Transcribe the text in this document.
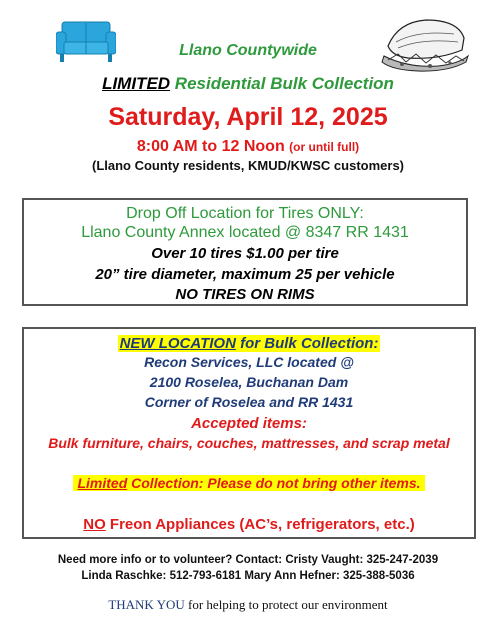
Llano Countywide
LIMITED Residential Bulk Collection
Saturday, April 12, 2025
8:00 AM to 12 Noon (or until full)
(Llano County residents, KMUD/KWSC customers)
Drop Off Location for Tires ONLY:
Llano County Annex located @ 8347 RR 1431
Over 10 tires $1.00 per tire
20” tire diameter, maximum 25 per vehicle
NO TIRES ON RIMS
NEW LOCATION for Bulk Collection:
Recon Services, LLC located @
2100 Roselea, Buchanan Dam
Corner of Roselea and RR 1431
Accepted items:
Bulk furniture, chairs, couches, mattresses, and scrap metal
Limited Collection: Please do not bring other items.
NO Freon Appliances (AC’s, refrigerators, etc.)
Need more info or to volunteer? Contact: Cristy Vaught: 325-247-2039
Linda Raschke: 512-793-6181 Mary Ann Hefner: 325-388-5036
THANK YOU for helping to protect our environment
